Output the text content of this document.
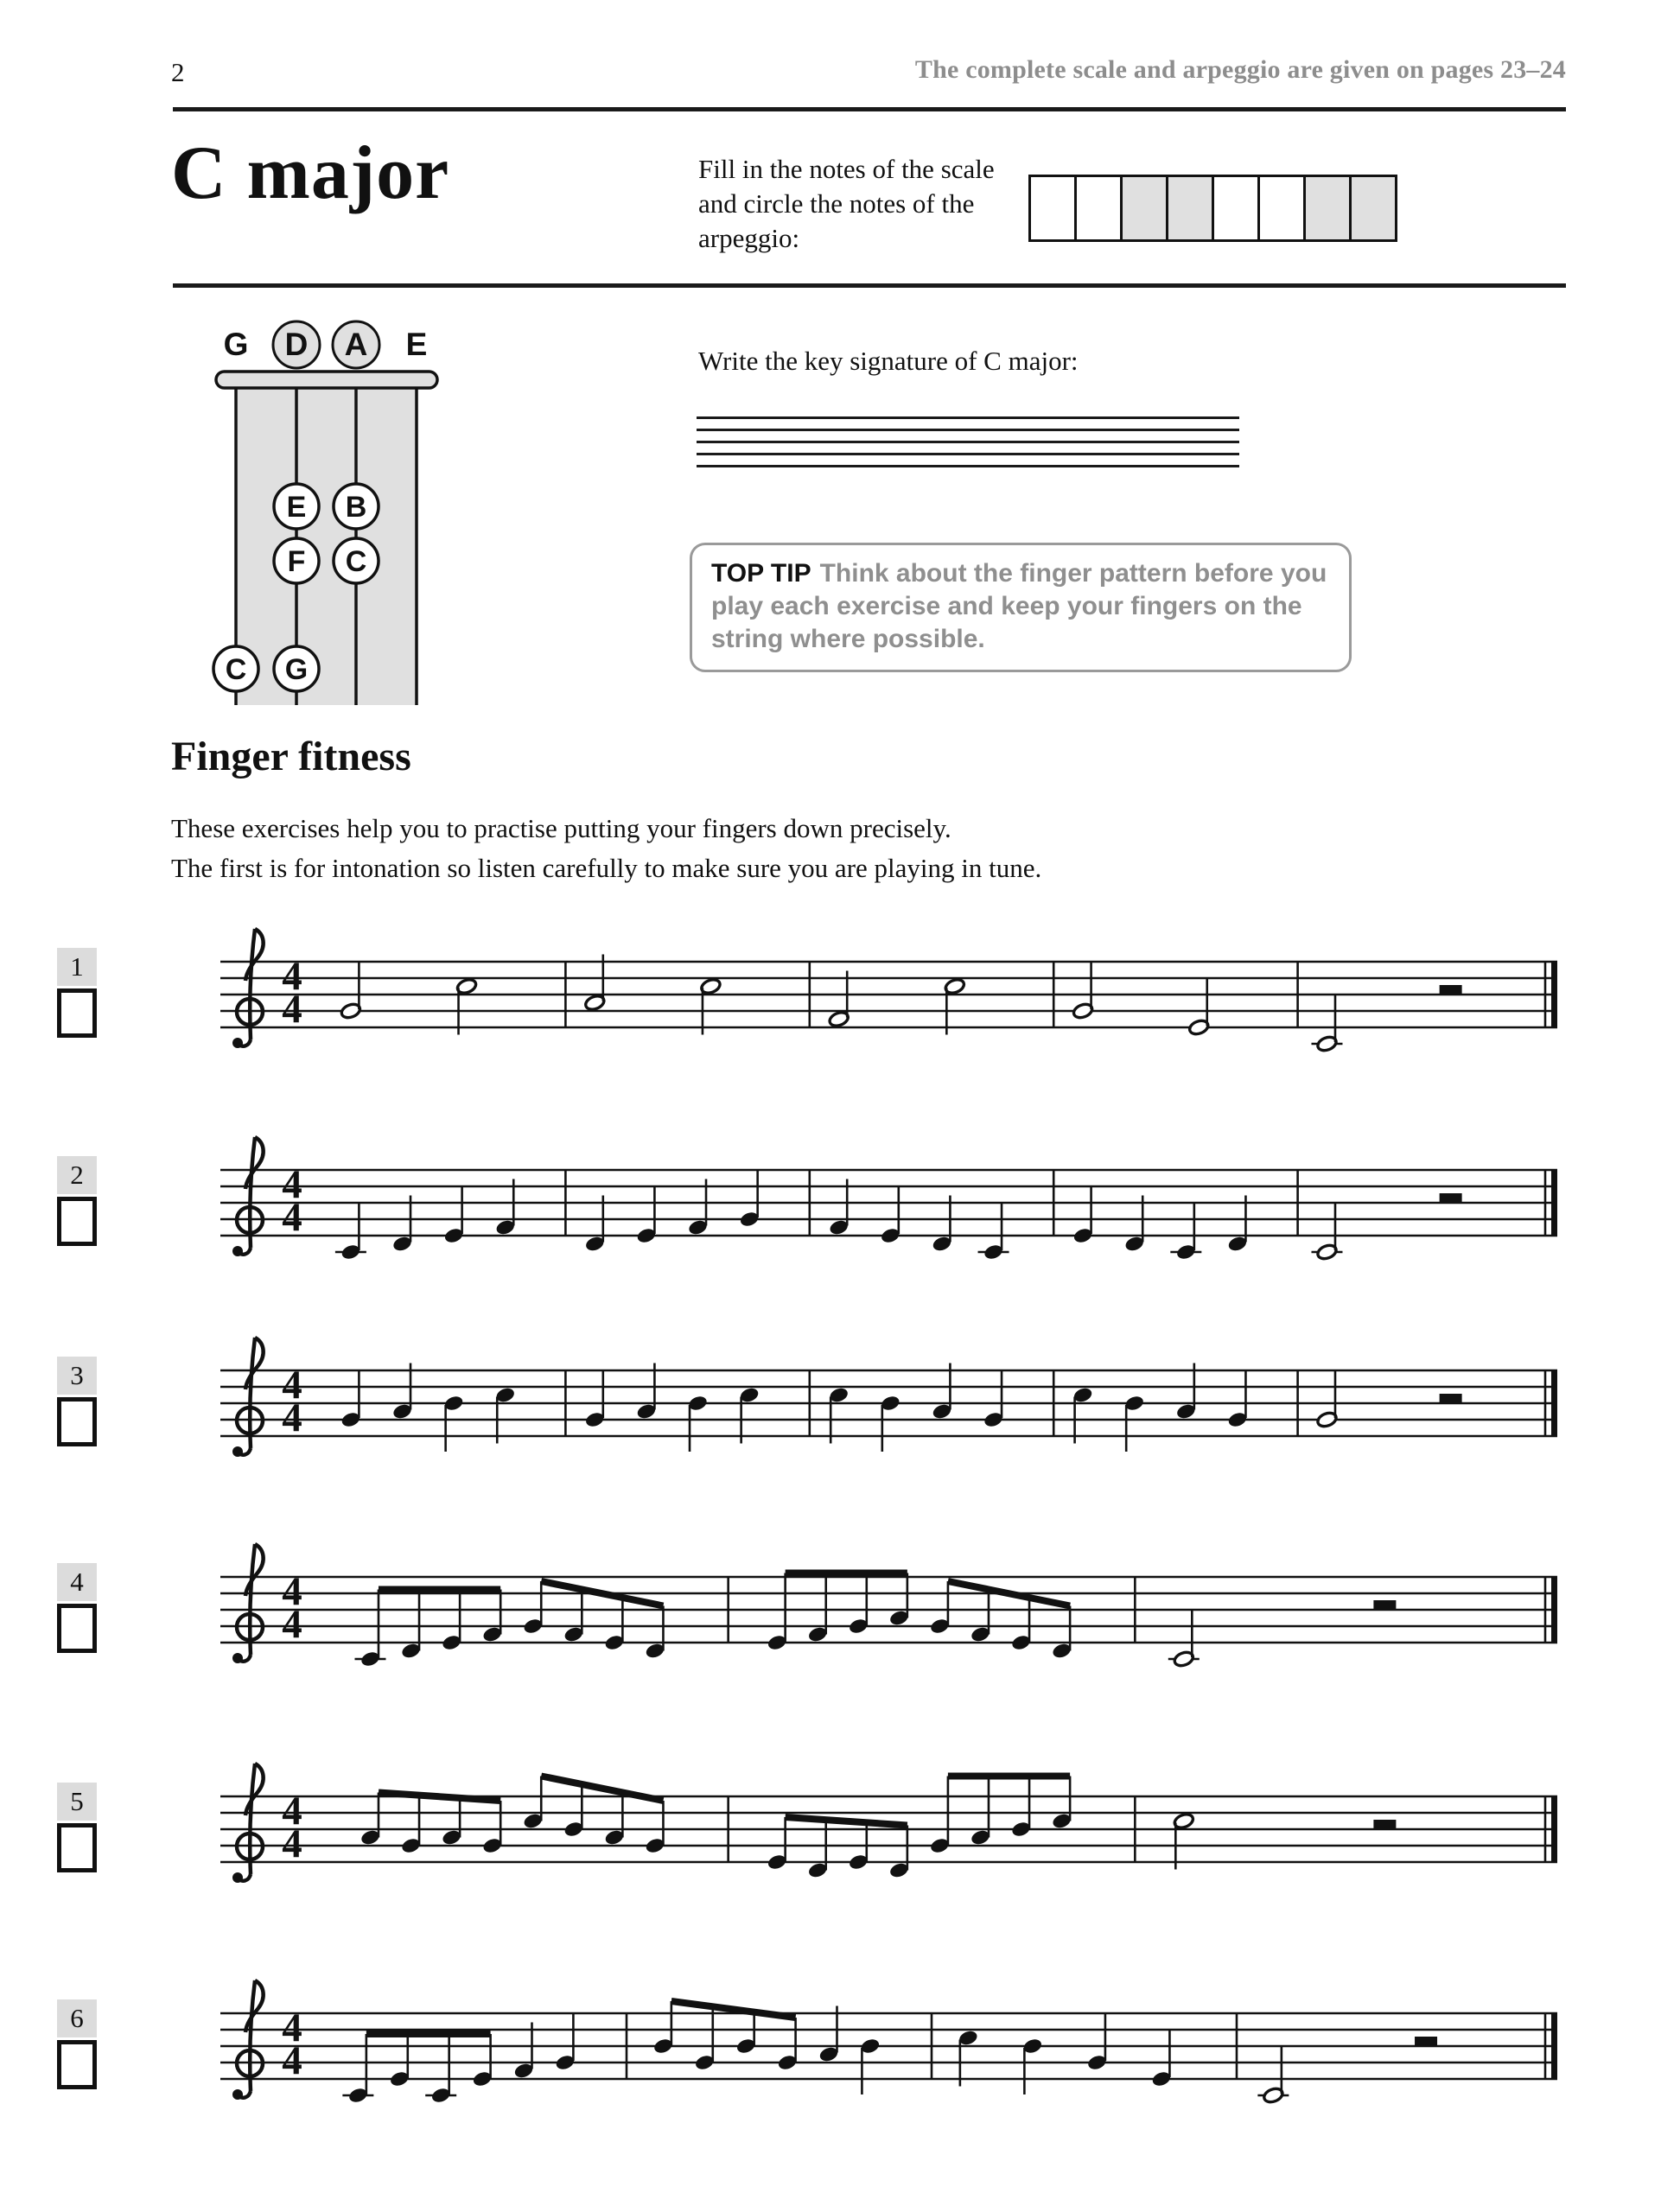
2	The complete scale and arpeggio are given on pages 23–24
C major	Fill in the notes of the scale and circle the notes of the arpeggio:
G D A E
E B
F C
C G
Write the key signature of C major:
TOP TIP Think about the finger pattern before you play each exercise and keep your fingers on the string where possible.
Finger fitness
These exercises help you to practise putting your fingers down precisely.
The first is for intonation so listen carefully to make sure you are playing in tune.
1	4
4
2	4
4
3	4
4
4	4
4
5	4
4
6	4
4
